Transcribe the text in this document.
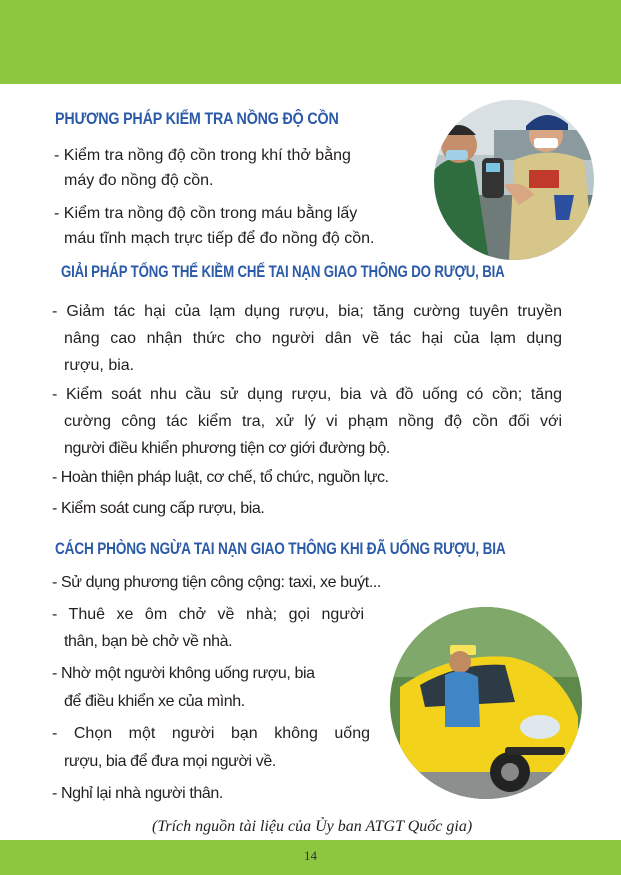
PHƯƠNG PHÁP KIỂM TRA NỒNG ĐỘ CỒN
- Kiểm tra nồng độ cồn trong khí thở bằng
máy đo nồng độ cồn.
- Kiểm tra nồng độ cồn trong máu bằng lấy
máu tĩnh mạch trực tiếp để đo nồng độ cồn.
GIẢI PHÁP TỔNG THỂ KIỀM CHẾ TAI NẠN GIAO THÔNG DO RƯỢU, BIA
- Giảm tác hại của lạm dụng rượu, bia; tăng cường tuyên truyền
nâng cao nhận thức cho người dân về tác hại của lạm dụng
rượu, bia.
- Kiểm soát nhu cầu sử dụng rượu, bia và đồ uống có cồn; tăng
cường công tác kiểm tra, xử lý vi phạm nồng độ cồn đối với
người điều khiển phương tiện cơ giới đường bộ.
- Hoàn thiện pháp luật, cơ chế, tổ chức, nguồn lực.
- Kiểm soát cung cấp rượu, bia.
CÁCH PHÒNG NGỪA TAI NẠN GIAO THÔNG KHI ĐÃ UỐNG RƯỢU, BIA
- Sử dụng phương tiện công cộng: taxi, xe buýt...
- Thuê xe ôm chở về nhà; gọi người
thân, bạn bè chở về nhà.
- Nhờ một người không uống rượu, bia
để điều khiển xe của mình.
- Chọn một người bạn không uống
rượu, bia để đưa mọi người về.
- Nghỉ lại nhà người thân.
(Trích nguồn tài liệu của Ủy ban ATGT Quốc gia)
14
